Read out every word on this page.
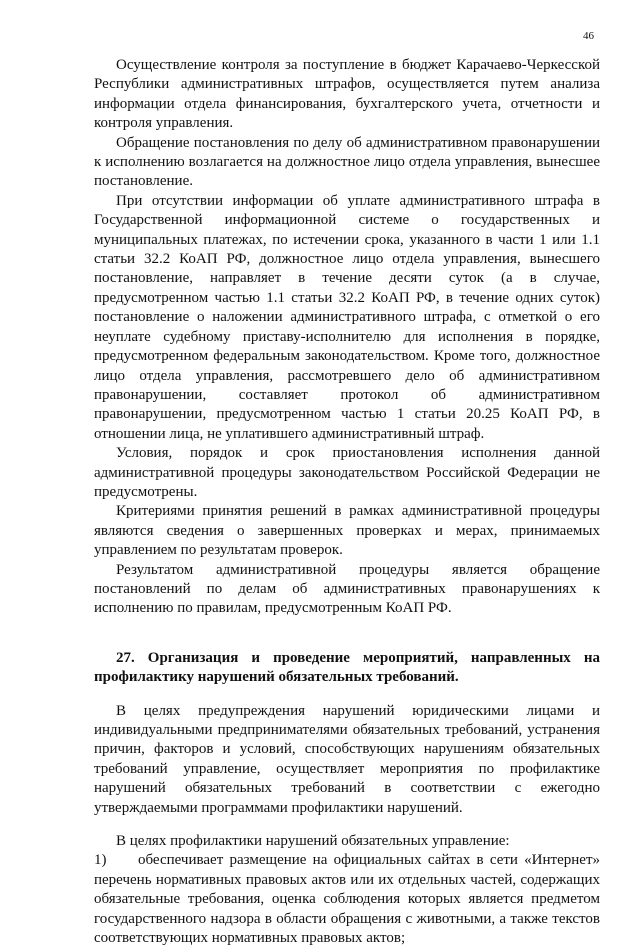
46

Осуществление контроля за поступление в бюджет Карачаево-Черкесской Республики административных штрафов, осуществляется путем анализа информации отдела финансирования, бухгалтерского учета, отчетности и контроля управления.

Обращение постановления по делу об административном правонарушении к исполнению возлагается на должностное лицо отдела управления, вынесшее постановление.

При отсутствии информации об уплате административного штрафа в Государственной информационной системе о государственных и муниципальных платежах, по истечении срока, указанного в части 1 или 1.1 статьи 32.2 КоАП РФ, должностное лицо отдела управления, вынесшего постановление, направляет в течение десяти суток (а в случае, предусмотренном частью 1.1 статьи 32.2 КоАП РФ, в течение одних суток) постановление о наложении административного штрафа, с отметкой о его неуплате судебному приставу-исполнителю для исполнения в порядке, предусмотренном федеральным законодательством. Кроме того, должностное лицо отдела управления, рассмотревшего дело об административном правонарушении, составляет протокол об административном правонарушении, предусмотренном частью 1 статьи 20.25 КоАП РФ, в отношении лица, не уплатившего административный штраф.

Условия, порядок и срок приостановления исполнения данной административной процедуры законодательством Российской Федерации не предусмотрены.

Критериями принятия решений в рамках административной процедуры являются сведения о завершенных проверках и мерах, принимаемых управлением по результатам проверок.

Результатом административной процедуры является обращение постановлений по делам об административных правонарушениях к исполнению по правилам, предусмотренным КоАП РФ.

27. Организация и проведение мероприятий, направленных на профилактику нарушений обязательных требований.

В целях предупреждения нарушений юридическими лицами и индивидуальными предпринимателями обязательных требований, устранения причин, факторов и условий, способствующих нарушениям обязательных требований управление, осуществляет мероприятия по профилактике нарушений обязательных требований в соответствии с ежегодно утверждаемыми программами профилактики нарушений.

В целях профилактики нарушений обязательных управление:

1) обеспечивает размещение на официальных сайтах в сети «Интернет» перечень нормативных правовых актов или их отдельных частей, содержащих обязательные требования, оценка соблюдения которых является предметом государственного надзора в области обращения с животными, а также текстов соответствующих нормативных правовых актов;
